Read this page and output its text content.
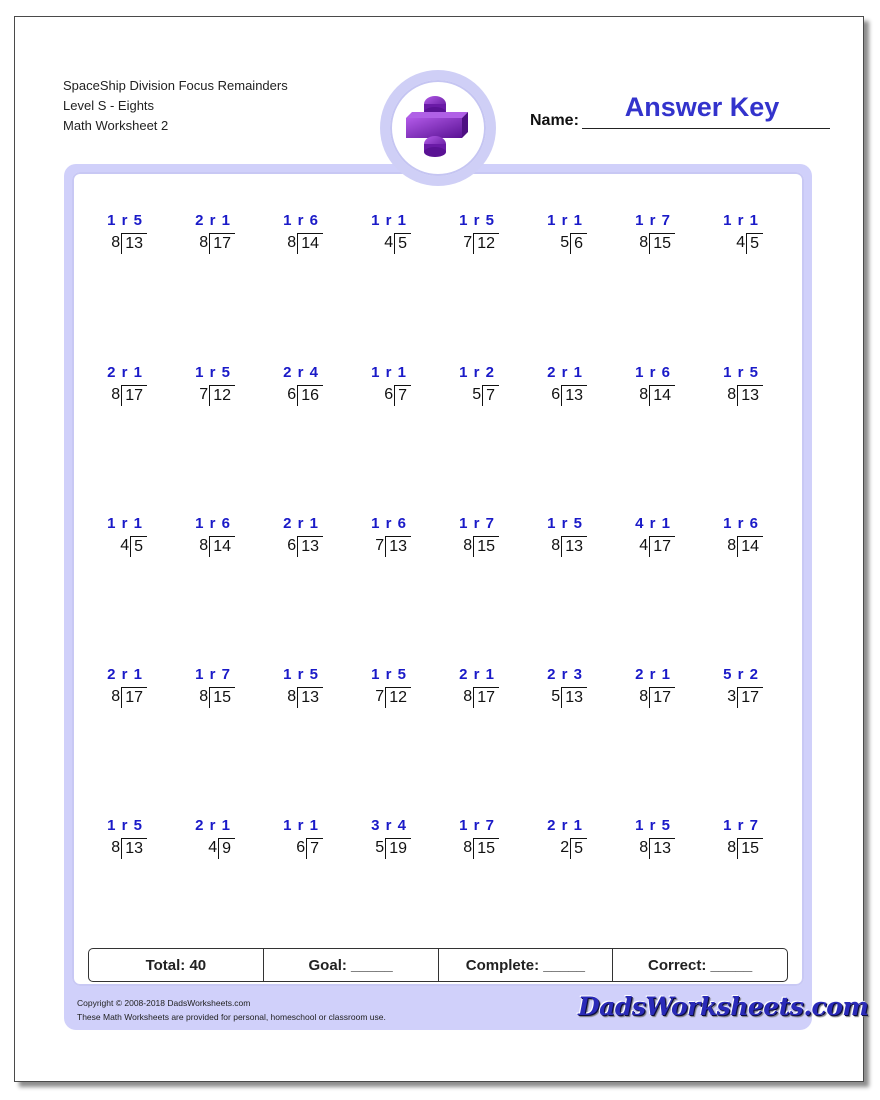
SpaceShip Division Focus Remainders
Level S - Eights
Math Worksheet 2	Name:	Answer Key
1 r 5
8 13
2 r 1
8 17
1 r 6
8 14
1 r 1
4 5
1 r 5
7 12
1 r 1
5 6
1 r 7
8 15
1 r 1
4 5
2 r 1
8 17
1 r 5
7 12
2 r 4
6 16
1 r 1
6 7
1 r 2
5 7
2 r 1
6 13
1 r 6
8 14
1 r 5
8 13
1 r 1
4 5
1 r 6
8 14
2 r 1
6 13
1 r 6
7 13
1 r 7
8 15
1 r 5
8 13
4 r 1
4 17
1 r 6
8 14
2 r 1
8 17
1 r 7
8 15
1 r 5
8 13
1 r 5
7 12
2 r 1
8 17
2 r 3
5 13
2 r 1
8 17
5 r 2
3 17
1 r 5
8 13
2 r 1
4 9
1 r 1
6 7
3 r 4
5 19
1 r 7
8 15
2 r 1
2 5
1 r 5
8 13
1 r 7
8 15
Total: 40	Goal: _____	Complete: _____	Correct: _____
Copyright © 2008-2018 DadsWorksheets.com
These Math Worksheets are provided for personal, homeschool or classroom use.	DadsWorksheets.com
